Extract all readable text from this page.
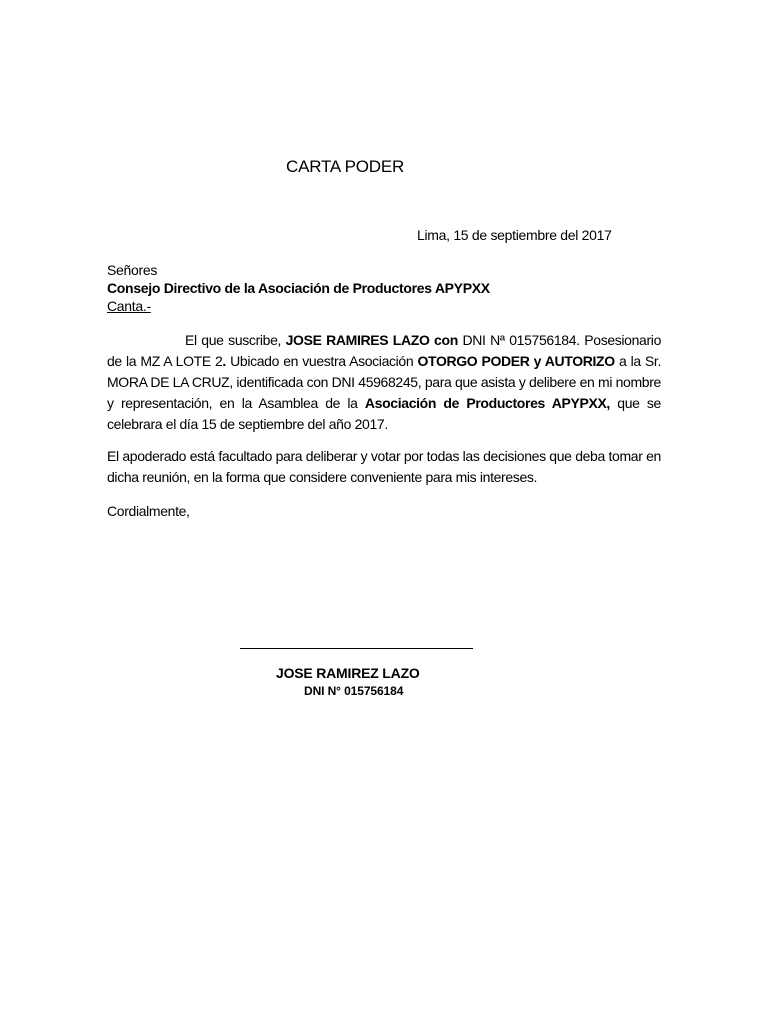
CARTA PODER
Lima, 15 de septiembre del 2017
Señores
Consejo Directivo de la Asociación de Productores APYPXX
Canta.-
El que suscribe, JOSE RAMIRES LAZO con DNI Nª 015756184. Posesionario de la MZ A LOTE 2. Ubicado en vuestra Asociación OTORGO PODER y AUTORIZO a la Sr. MORA DE LA CRUZ, identificada con DNI 45968245, para que asista y delibere en mi nombre y representación, en la Asamblea de la Asociación de Productores APYPXX, que se celebrara el día 15 de septiembre del año 2017.
El apoderado está facultado para deliberar y votar por todas las decisiones que deba tomar en dicha reunión, en la forma que considere conveniente para mis intereses.
Cordialmente,
JOSE RAMIREZ LAZO
DNI N° 015756184
